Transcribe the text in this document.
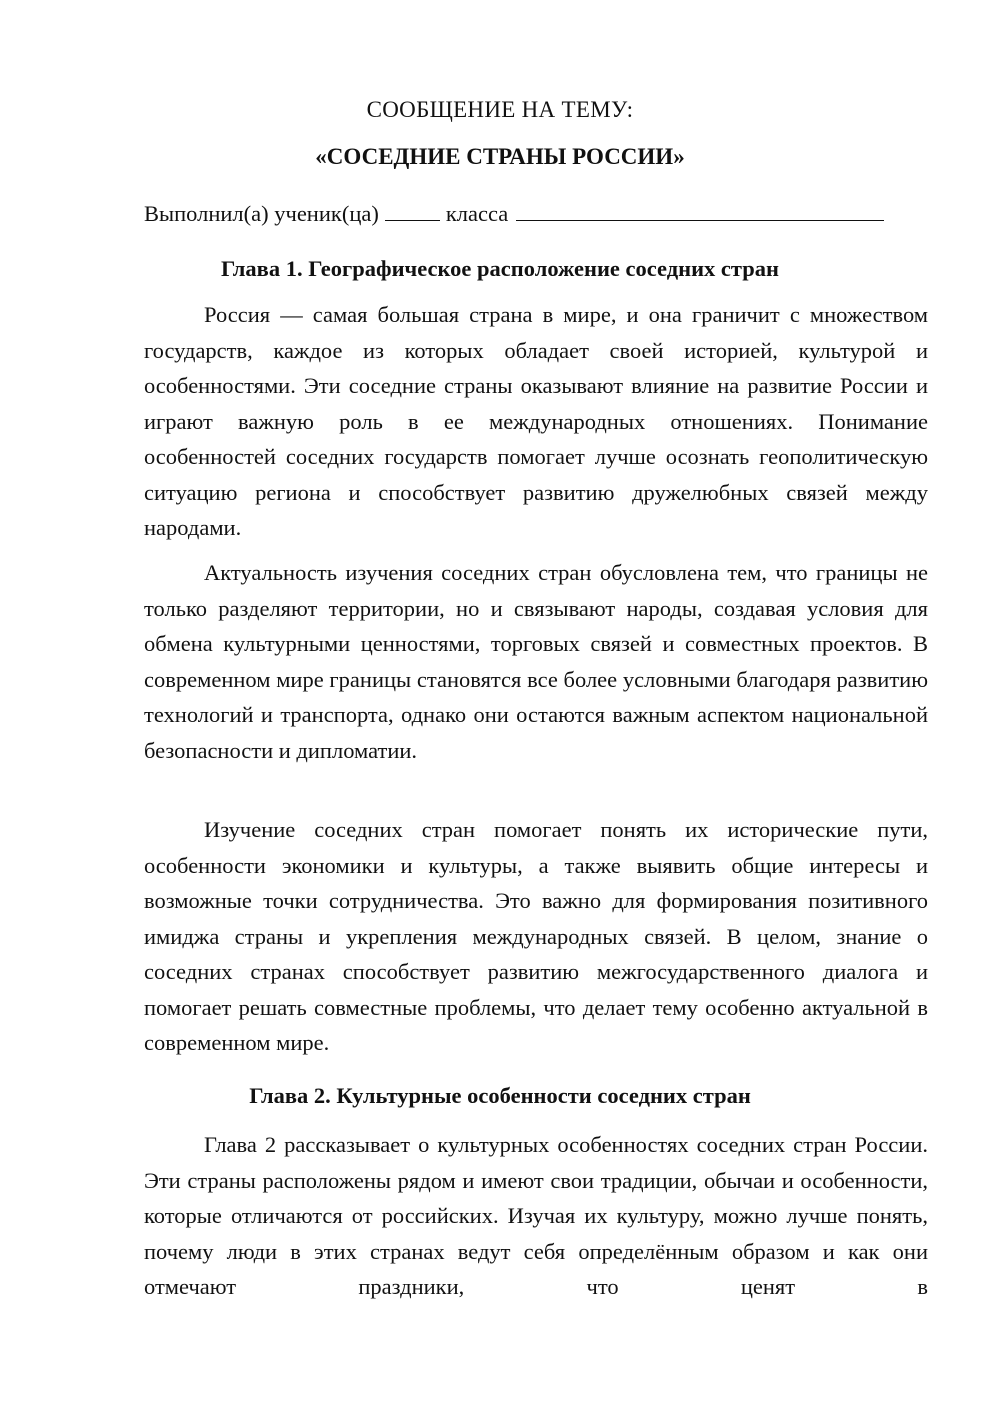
СООБЩЕНИЕ НА ТЕМУ:
«СОСЕДНИЕ СТРАНЫ РОССИИ»
Выполнил(а) ученик(ца)	класса
Глава 1. Географическое расположение соседних стран

Россия — самая большая страна в мире, и она граничит с множеством государств, каждое из которых обладает своей историей, культурой и особенностями. Эти соседние страны оказывают влияние на развитие России и играют важную роль в ее международных отношениях. Понимание особенностей соседних государств помогает лучше осознать геополитическую ситуацию региона и способствует развитию дружелюбных связей между народами.

Актуальность изучения соседних стран обусловлена тем, что границы не только разделяют территории, но и связывают народы, создавая условия для обмена культурными ценностями, торговых связей и совместных проектов. В современном мире границы становятся все более условными благодаря развитию технологий и транспорта, однако они остаются важным аспектом национальной безопасности и дипломатии.

Изучение соседних стран помогает понять их исторические пути, особенности экономики и культуры, а также выявить общие интересы и возможные точки сотрудничества. Это важно для формирования позитивного имиджа страны и укрепления международных связей. В целом, знание о соседних странах способствует развитию межгосударственного диалога и помогает решать совместные проблемы, что делает тему особенно актуальной в современном мире.

Глава 2. Культурные особенности соседних стран

Глава 2 рассказывает о культурных особенностях соседних стран России. Эти страны расположены рядом и имеют свои традиции, обычаи и особенности, которые отличаются от российских. Изучая их культуру, можно лучше понять, почему люди в этих странах ведут себя определённым образом и как они отмечают праздники, что ценят в
